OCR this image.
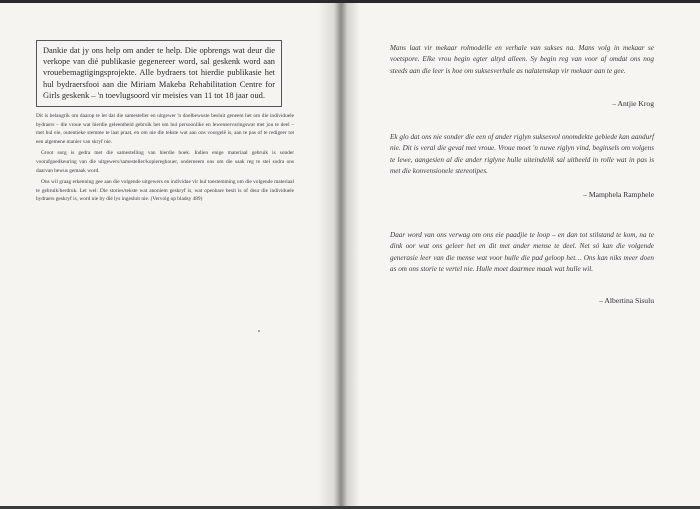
Dankie dat jy ons help om ander te help. Die opbrengs wat deur die verkope van dié publikasie gegenereer word, sal geskenk word aan vrouebemagtigingsprojekte. Alle bydraers tot hierdie publikasie het hul bydraersfooi aan die Miriam Makeba Rehabilitation Centre for Girls geskenk – 'n toevlugsoord vir meisies van 11 tot 18 jaar oud.

Dit is belangrik om daarop te let dat die samesteller en uitgewer 'n doelbewuste besluit geneem het om die individuele bydraers – die vroue wat hierdie geleentheid gebruik het om hul persoonlike en lewenservaringswat met jou te deel – met hul eie, outentieke stemme te laat praat, en om nie die tekste wat aan ons voorgelê is, aan te pas of te redigeer tot een algemene manier van skryf nie.

Groot sorg is gedra met die samestelling van hierdie boek. Indien enige materiaal gebruik is sonder voorafgoedkeuring van die uitgewers/samesteller/kopiereghouer, onderneem ons om die saak reg te stel sodra ons daarvan bewus gemaak word.

Ons wil graag erkenning gee aan die volgende uitgewers en individue vir hul toestemming om die volgende materiaal te gebruik/herdruk. Let wel: Die stories/tekste wat anoniem geskryf is, wat openbare besit is of deur die individuele bydraers geskryf is, word nie by dié lys ingesluit nie. (Vervolg op bladsy 489)

Mans laat vir mekaar rolmodelle en verhale van sukses na. Mans volg in mekaar se voetspore. Elke vrou begin egter altyd alleen. Sy begin reg van voor af omdat ons nog steeds aan die leer is hoe om suksesverhale as nalatenskap vir mekaar aan te gee.
– Antjie Krog
Ek glo dat ons nie sonder die een of ander riglyn suksesvol onomdekte gebiede kan aandurf nie. Dit is veral die geval met vroue. Vroue moet 'n nuwe riglyn vind, beginsels om volgens te lewe, aangesien al die ander riglyne hulle uiteindelik sal uitbeeld in rolle wat in pas is met die konvensionele stereotipes.
– Mamphela Ramphele
Daar word van ons verwag om ons eie paadjie te loop – en dan tot stilstand te kom, na te dink oor wat ons geleer het en dit met ander mense te deel. Net só kan die volgende generasie leer van die mense wat voor hulle die pad geloop het… Ons kan niks meer doen as om ons storie te vertel nie. Hulle moet daarmee maak wat hulle wil.
– Albertina Sisulu
